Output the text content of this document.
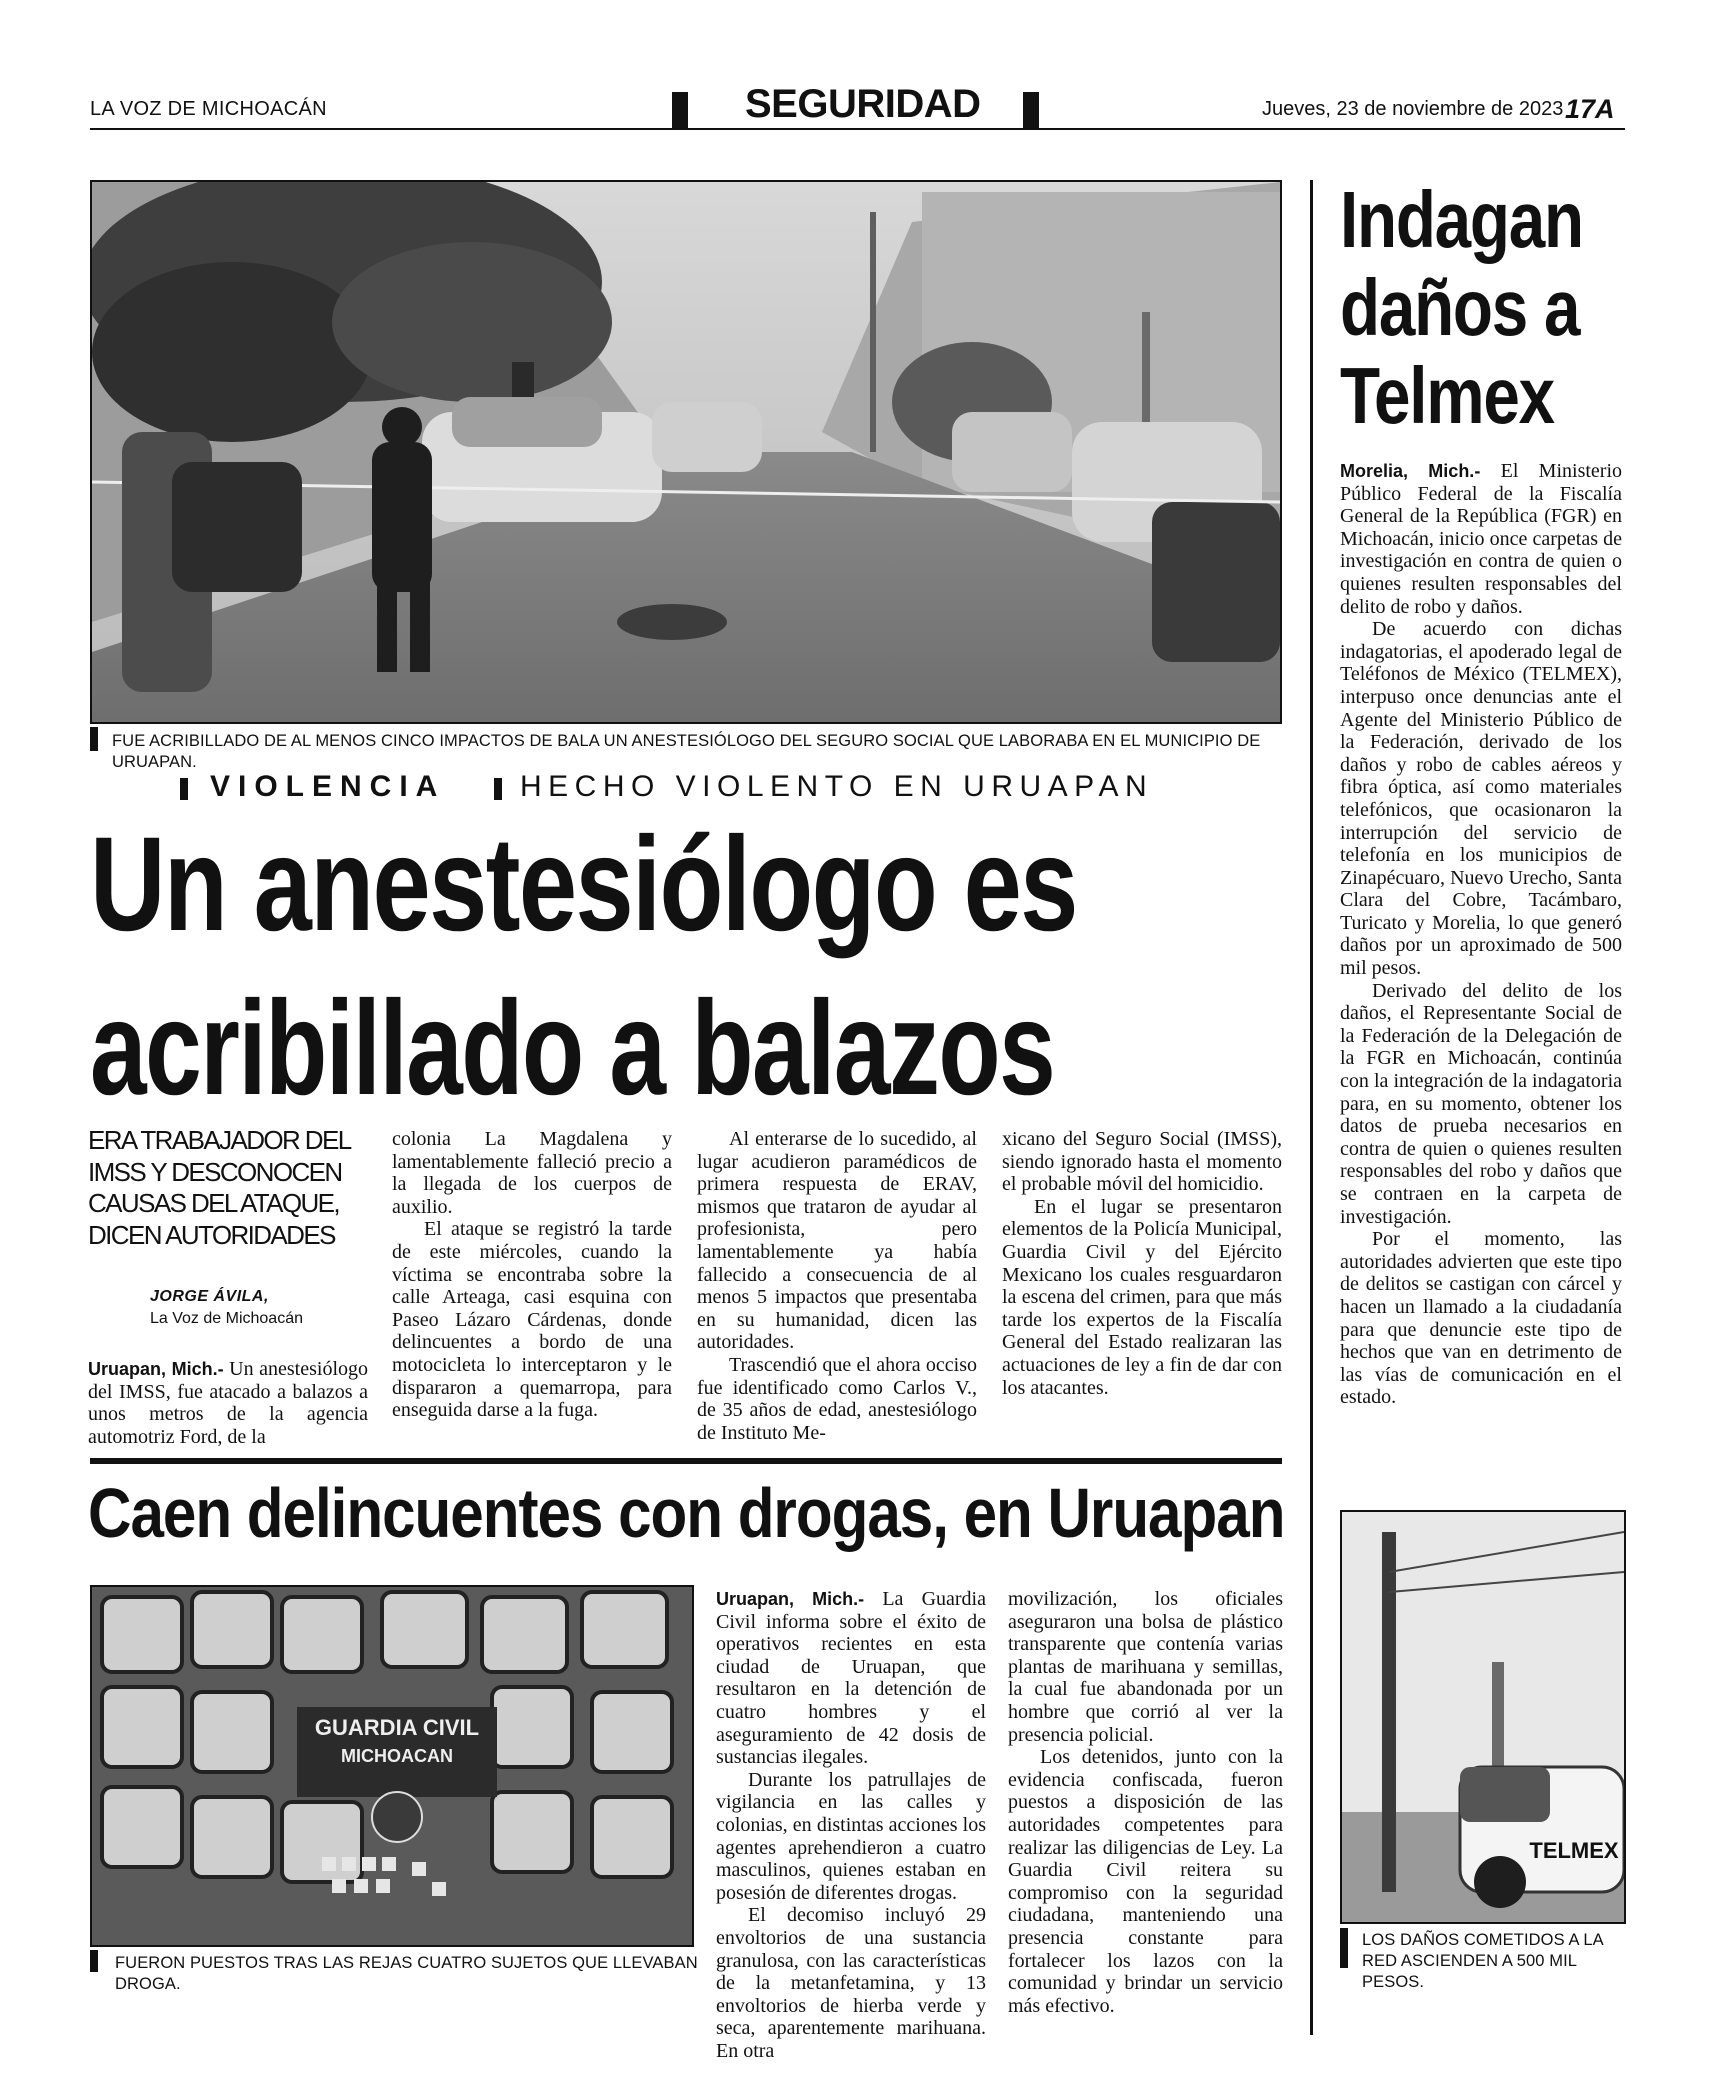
LA VOZ DE MICHOACÁN	SEGURIDAD	Jueves, 23 de noviembre de 2023 17A
FUE ACRIBILLADO DE AL MENOS CINCO IMPACTOS DE BALA UN ANESTESIÓLOGO DEL SEGURO SOCIAL QUE LABORABA EN EL MUNICIPIO DE URUAPAN.
VIOLENCIA HECHO VIOLENTO EN URUAPAN
Un anestesiólogo es
acribillado a balazos
ERA TRABAJADOR DEL IMSS Y DESCONOCEN CAUSAS DEL ATAQUE, DICEN AUTORIDADES
JORGE ÁVILA,
La Voz de Michoacán

Uruapan, Mich.- Un anestesiólogo del IMSS, fue atacado a balazos a unos metros de la agencia automotriz Ford, de la

colonia La Magdalena y lamentablemente falleció precio a la llegada de los cuerpos de auxilio.

El ataque se registró la tarde de este miércoles, cuando la víctima se encontraba sobre la calle Arteaga, casi esquina con Paseo Lázaro Cárdenas, donde delincuentes a bordo de una motocicleta lo interceptaron y le dispararon a quemarropa, para enseguida darse a la fuga.

Al enterarse de lo sucedido, al lugar acudieron paramédicos de primera respuesta de ERAV, mismos que trataron de ayudar al profesionista, pero lamentablemente ya había fallecido a consecuencia de al menos 5 impactos que presentaba en su humanidad, dicen las autoridades.

Trascendió que el ahora occiso fue identificado como Carlos V., de 35 años de edad, anestesiólogo de Instituto Me-

xicano del Seguro Social (IMSS), siendo ignorado hasta el momento el probable móvil del homicidio.

En el lugar se presentaron elementos de la Policía Municipal, Guardia Civil y del Ejército Mexicano los cuales resguardaron la escena del crimen, para que más tarde los expertos de la Fiscalía General del Estado realizaran las actuaciones de ley a fin de dar con los atacantes.

Caen delincuentes con drogas, en Uruapan
GUARDIA CIVIL
MICHOACAN
FUERON PUESTOS TRAS LAS REJAS CUATRO SUJETOS QUE LLEVABAN DROGA.

Uruapan, Mich.- La Guardia Civil informa sobre el éxito de operativos recientes en esta ciudad de Uruapan, que resultaron en la detención de cuatro hombres y el aseguramiento de 42 dosis de sustancias ilegales.

Durante los patrullajes de vigilancia en las calles y colonias, en distintas acciones los agentes aprehendieron a cuatro masculinos, quienes estaban en posesión de diferentes drogas.

El decomiso incluyó 29 envoltorios de una sustancia granulosa, con las características de la metanfetamina, y 13 envoltorios de hierba verde y seca, aparentemente marihuana. En otra

movilización, los oficiales aseguraron una bolsa de plástico transparente que contenía varias plantas de marihuana y semillas, la cual fue abandonada por un hombre que corrió al ver la presencia policial.

Los detenidos, junto con la evidencia confiscada, fueron puestos a disposición de las autoridades competentes para realizar las diligencias de Ley. La Guardia Civil reitera su compromiso con la seguridad ciudadana, manteniendo una presencia constante para fortalecer los lazos con la comunidad y brindar un servicio más efectivo.

Indagan
daños a
Telmex

Morelia, Mich.- El Ministerio Público Federal de la Fiscalía General de la República (FGR) en Michoacán, inicio once carpetas de investigación en contra de quien o quienes resulten responsables del delito de robo y daños.

De acuerdo con dichas indagatorias, el apoderado legal de Teléfonos de México (TELMEX), interpuso once denuncias ante el Agente del Ministerio Público de la Federación, derivado de los daños y robo de cables aéreos y fibra óptica, así como materiales telefónicos, que ocasionaron la interrupción del servicio de telefonía en los municipios de Zinapécuaro, Nuevo Urecho, Santa Clara del Cobre, Tacámbaro, Turicato y Morelia, lo que generó daños por un aproximado de 500 mil pesos.

Derivado del delito de los daños, el Representante Social de la Federación de la Delegación de la FGR en Michoacán, continúa con la integración de la indagatoria para, en su momento, obtener los datos de prueba necesarios en contra de quien o quienes resulten responsables del robo y daños que se contraen en la carpeta de investigación.

Por el momento, las autoridades advierten que este tipo de delitos se castigan con cárcel y hacen un llamado a la ciudadanía para que denuncie este tipo de hechos que van en detrimento de las vías de comunicación en el estado.

TELMEX
LOS DAÑOS COMETIDOS A LA RED ASCIENDEN A 500 MIL PESOS.
